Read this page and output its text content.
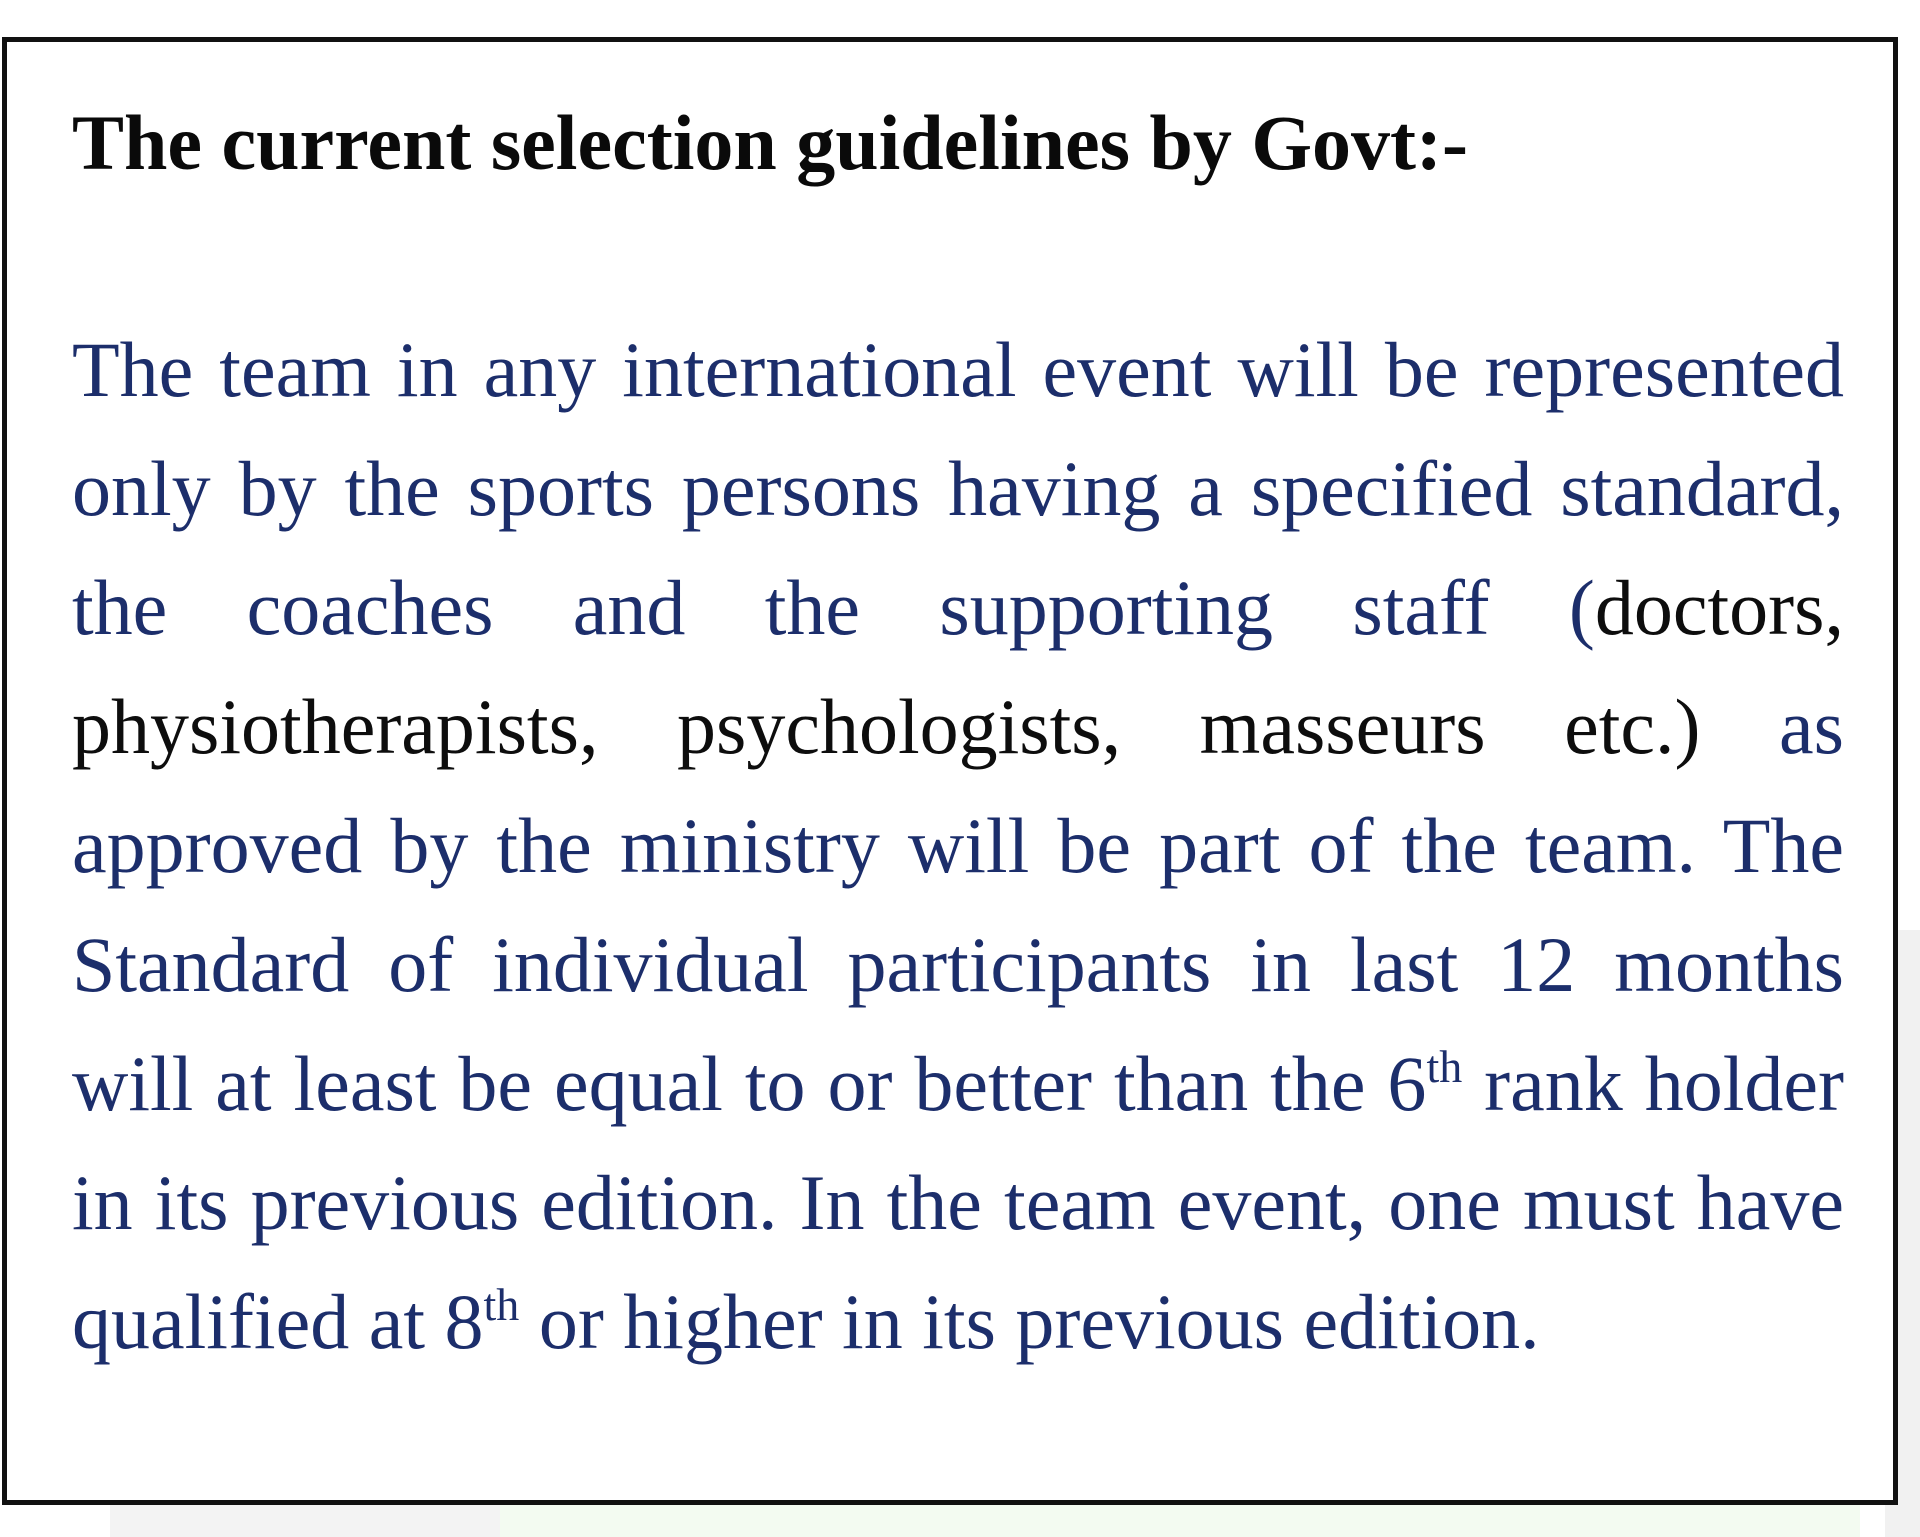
The current selection guidelines by Govt:-

The team in any international event will be represented only by the sports persons having a specified standard, the coaches and the supporting staff (doctors, physiotherapists, psychologists, masseurs etc.) as approved by the ministry will be part of the team. The Standard of individual participants in last 12 months will at least be equal to or better than the 6th rank holder in its previous edition. In the team event, one must have qualified at 8th or higher in its previous edition.
